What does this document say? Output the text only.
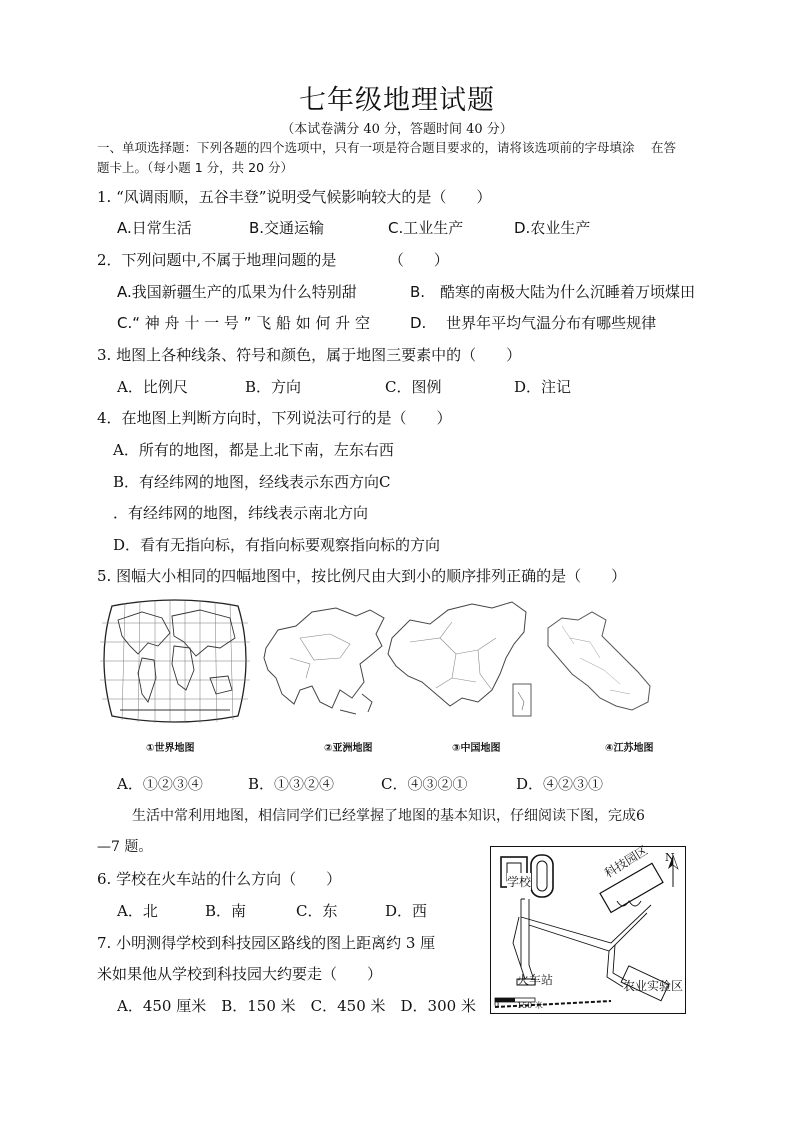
七年级地理试题
（本试卷满分 40 分，答题时间 40 分）
一、单项选择题：下列各题的四个选项中，只有一项是符合题目要求的，请将该选项前的字母填涂　 在答
题卡上。（每小题 1 分，共 20 分）
1. “风调雨顺，五谷丰登”说明受气候影响较大的是（　　）
A.日常生活	B.交通运输	C.工业生产	D.农业生产
2．下列问题中,不属于地理问题的是　　　　（　　）
A.我国新疆生产的瓜果为什么特别甜	B.　酷寒的南极大陆为什么沉睡着万顷煤田
C.“ 神 舟 十 一 号 ” 飞 船 如 何 升 空	D.　 世界年平均气温分布有哪些规律
3. 地图上各种线条、符号和颜色，属于地图三要素中的（　　）
A．比例尺	B．方向	C．图例	D．注记
4．在地图上判断方向时，下列说法可行的是（　　）
A．所有的地图，都是上北下南，左东右西
B．有经纬网的地图，经线表示东西方向C
．有经纬网的地图，纬线表示南北方向
D．看有无指向标，有指向标要观察指向标的方向
5. 图幅大小相同的四幅地图中，按比例尺由大到小的顺序排列正确的是（　　）
①世界地图	②亚洲地图	③中国地图	④江苏地图
A．①②③④	B．①③②④	C．④③②①	D．④②③①
生活中常利用地图，相信同学们已经掌握了地图的基本知识，仔细阅读下图，完成6
—7 题。
6. 学校在火车站的什么方向（　　）
A．北	B．南	C．东	D．西
7. 小明测得学校到科技园区路线的图上距离约 3 厘
米如果他从学校到科技园大约要走（　　）
A．450 厘米　B．150 米　C．450 米　D．300 米
学校
科技园区 N
火车站	农业实验区
0 150 米
